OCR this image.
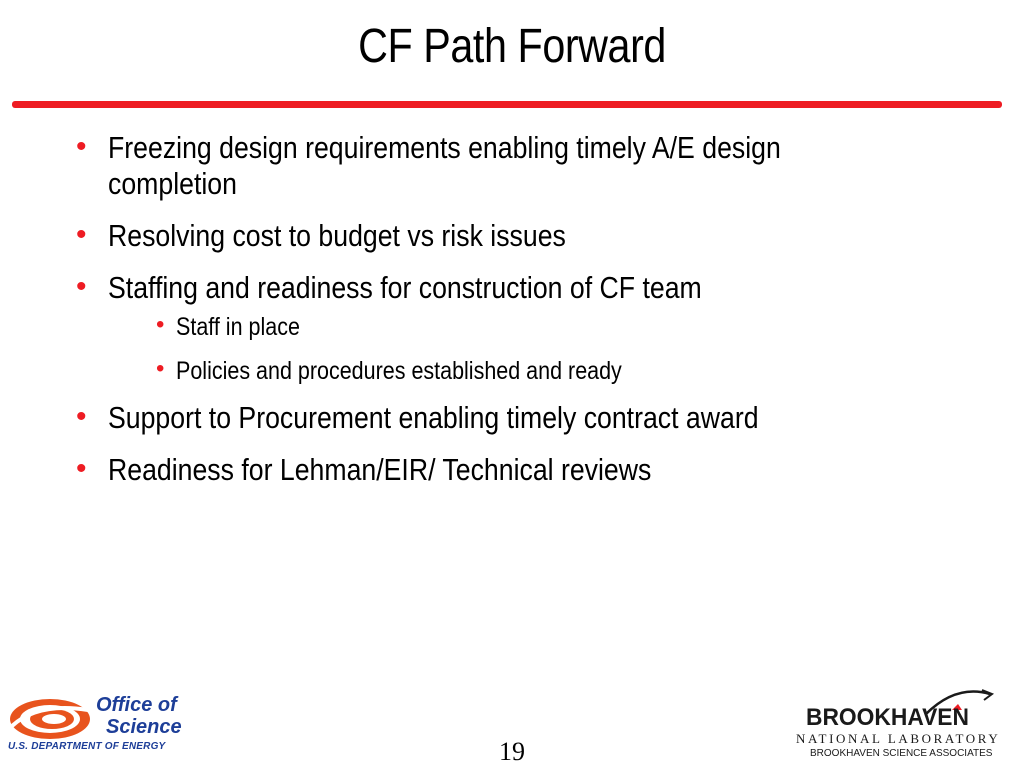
CF Path Forward
• Freezing design requirements enabling timely A/E design completion
• Resolving cost to budget vs risk issues
• Staffing and readiness for construction of CF team
• Staff in place
• Policies and procedures established and ready
• Support to Procurement enabling timely contract award
• Readiness for Lehman/EIR/ Technical reviews
Office of
Science
U.S. DEPARTMENT OF ENERGY	19
BROOKHAVEN
NATIONAL LABORATORY
BROOKHAVEN SCIENCE ASSOCIATES
